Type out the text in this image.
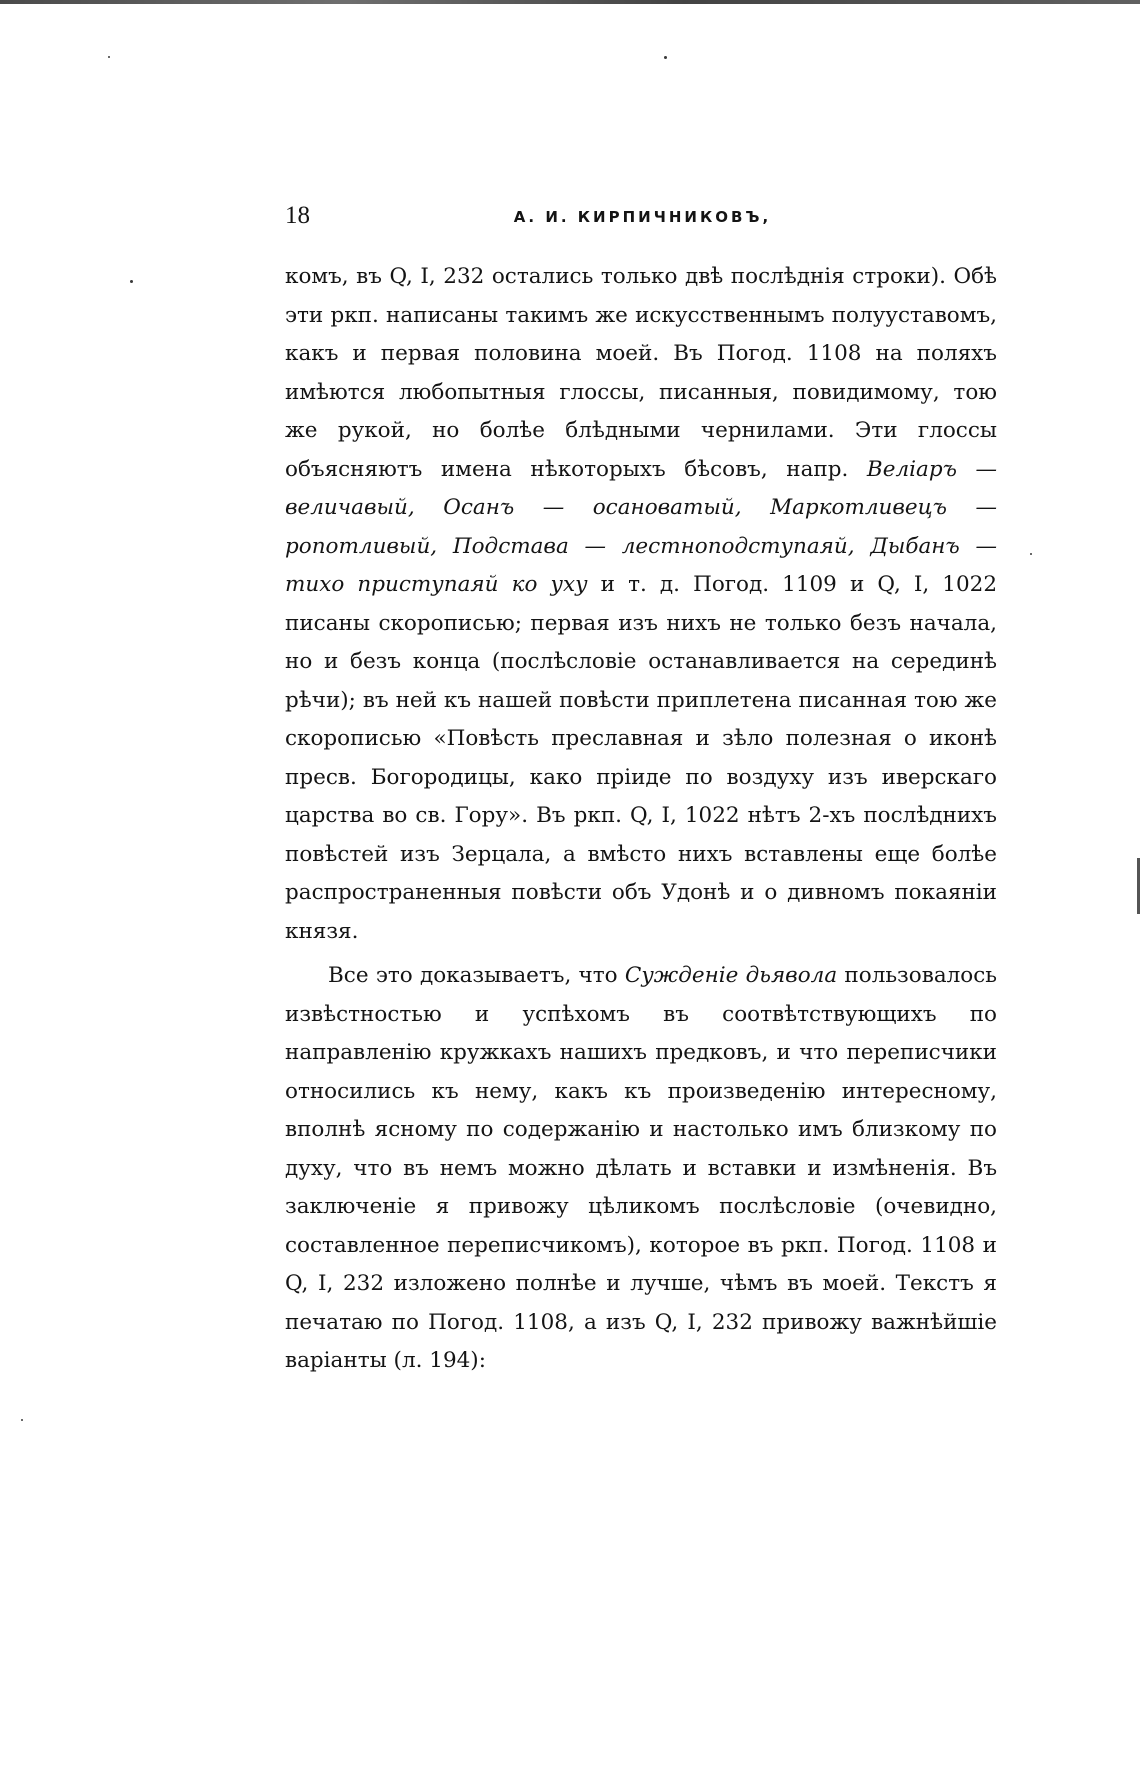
18	А. И. КИРПИЧНИКОВЪ,

комъ, въ Q, I, 232 остались только двѣ послѣднія строки). Обѣ эти ркп. написаны такимъ же искусственнымъ полууставомъ, какъ и первая половина моей. Въ Погод. 1108 на поляхъ имѣются любопытныя глоссы, писанныя, повидимому, тою же рукой, но болѣе блѣдными чернилами. Эти глоссы объясняютъ имена нѣкоторыхъ бѣсовъ, напр. Веліаръ — величавый, Осанъ — осановатый, Маркотливецъ — ропотливый, Подстава — лестноподступаяй, Дыбанъ — тихо приступаяй ко уху и т. д. Погод. 1109 и Q, I, 1022 писаны скорописью; первая изъ нихъ не только безъ начала, но и безъ конца (послѣсловіе останавливается на серединѣ рѣчи); въ ней къ нашей повѣсти приплетена писанная тою же скорописью «Повѣсть преславная и зѣло полезная о иконѣ пресв. Богородицы, како пріиде по воздуху изъ иверскаго царства во св. Гору». Въ ркп. Q, I, 1022 нѣтъ 2-хъ послѣднихъ повѣстей изъ Зерцала, а вмѣсто нихъ вставлены еще болѣе распространенныя повѣсти объ Удонѣ и о дивномъ покаяніи князя.

Все это доказываетъ, что Сужденіе дьявола пользовалось извѣстностью и успѣхомъ въ соотвѣтствующихъ по направленію кружкахъ нашихъ предковъ, и что переписчики относились къ нему, какъ къ произведенію интересному, вполнѣ ясному по содержанію и настолько имъ близкому по духу, что въ немъ можно дѣлать и вставки и измѣненія. Въ заключеніе я привожу цѣликомъ послѣсловіе (очевидно, составленное переписчикомъ), которое въ ркп. Погод. 1108 и Q, I, 232 изложено полнѣе и лучше, чѣмъ въ моей. Текстъ я печатаю по Погод. 1108, а изъ Q, I, 232 привожу важнѣйшіе варіанты (л. 194):
